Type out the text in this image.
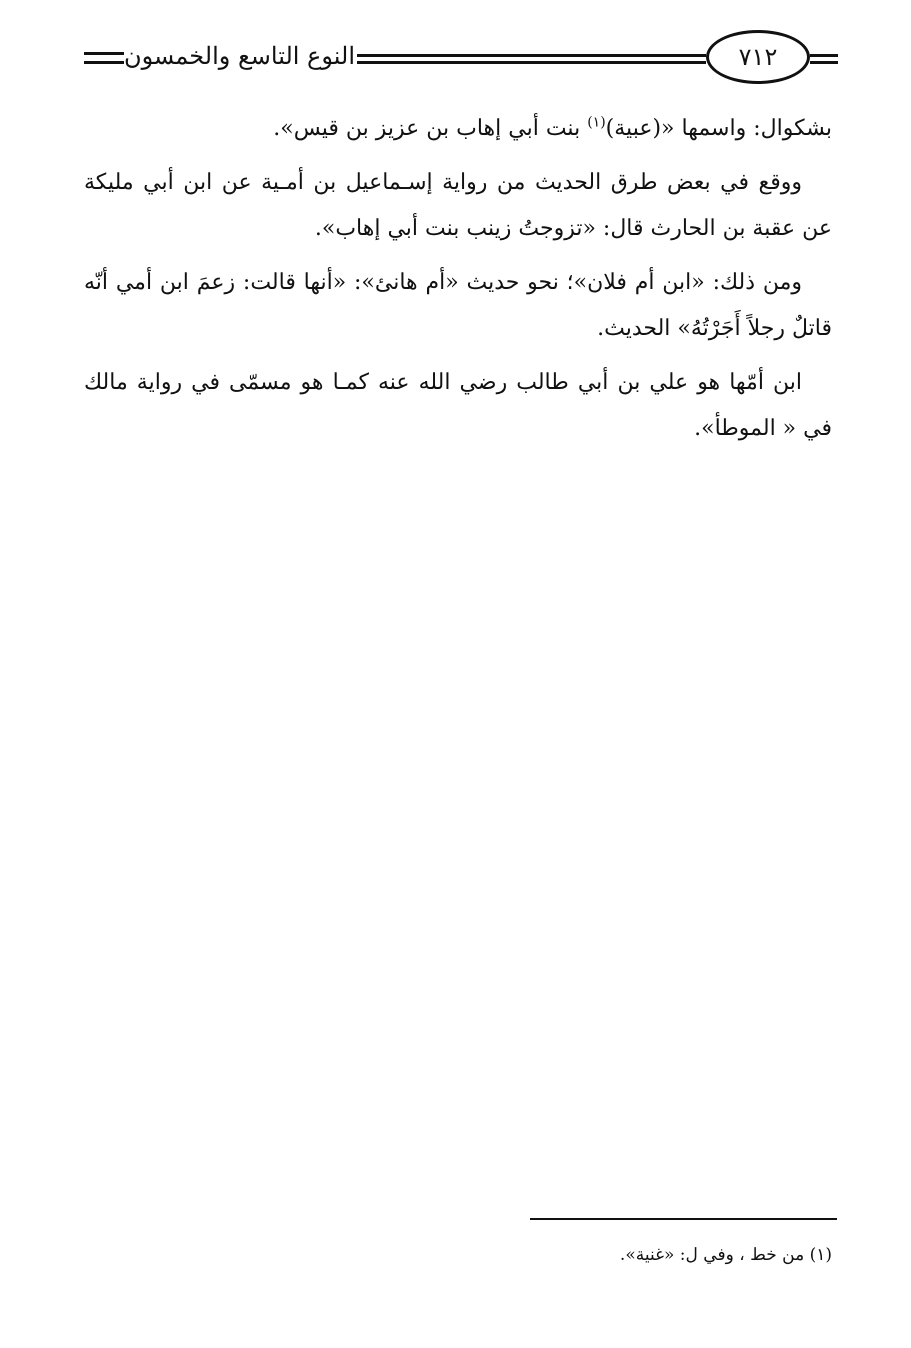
النوع التاسع والخمسون	٧١٢

بشكوال: واسمها «(عبية)$^{(١)}$ بنت أبي إهاب بن عزيز بن قيس».

ووقع في بعض طرق الحديث من رواية إسـماعيل بن أمـية عن ابن أبي مليكة عن عقبة بن الحارث قال: «تزوجتُ زينب بنت أبي إهاب».

ومن ذلك: «ابن أم فلان»؛ نحو حديث «أم هانئ»: «أنها قالت: زعمَ ابن أمي أنّه قاتلٌ رجلاً أَجَرْتُهُ» الحديث.

ابن أمّها هو علي بن أبي طالب رضي الله عنه كمـا هو مسمّى في رواية مالك في « الموطأ».

(١) من خط ، وفي ل: «غنية».
